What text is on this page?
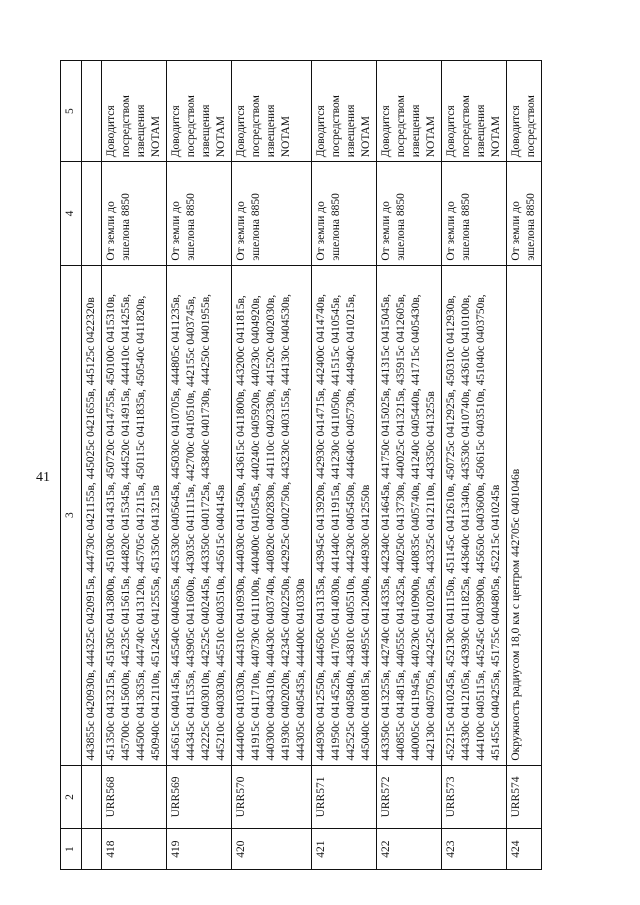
41
1	2	3	4	5
		443855с 0420930в, 444325с 0420915в, 444730с 0421155в, 445025с 0421655в, 445125с 0422320в		
418	URR568	451350с 0413215в, 451305с 0413800в, 451030с 0414315в, 450720с 0414755в, 450100с 0415310в, 445700с 0415600в, 445235с 0415615в, 444820с 0415345в, 444520с 0414915в, 444410с 0414255в, 444500с 0413635в, 444740с 0413120в, 445705с 0412115в, 450115с 0411835в, 450540с 0411820в, 450940с 0412110в, 451245с 0412555в, 451350с 0413215в	От земли до эшелона 8850	Доводится посредством извещения NOTAM
419	URR569	445615с 0404145в, 445540с 0404655в, 445330с 0405645в, 445030с 0410705в, 444805с 0411235в, 444345с 0411535в, 443905с 0411600в, 443035с 0411115в, 442700с 0410510в, 442155с 0403745в, 442225с 0403010в, 442525с 0402445в, 443350с 0401725в, 443840с 0401730в, 444250с 0401955в, 445210с 0403030в, 445510с 0403510в, 445615с 0404145в	От земли до эшелона 8850	Доводится посредством извещения NOTAM
420	URR570	444400с 0410330в, 444310с 0410930в, 444030с 0411450в, 443615с 0411800в, 443200с 0411815в, 441915с 0411710в, 440730с 0411100в, 440400с 0410545в, 440240с 0405920в, 440230с 0404920в, 440300с 0404310в, 440430с 0403740в, 440820с 0402830в, 441110с 0402330в, 441520с 0402030в, 441930с 0402020в, 442345с 0402250в, 442925с 0402750в, 443230с 0403155в, 444130с 0404530в, 444305с 0405435в, 444400с 0410330в	От земли до эшелона 8850	Доводится посредством извещения NOTAM
421	URR571	444930с 0412550в, 444650с 0413135в, 443945с 0413920в, 442930с 0414715в, 442400с 0414740в, 441950с 0414525в, 441705с 0414030в, 441440с 0411915в, 441230с 0411050в, 441515с 0410545в, 442525с 0405840в, 443810с 0405510в, 444230с 0405450в, 444640с 0405730в, 444940с 0410215в, 445040с 0410815в, 444955с 0412040в, 444930с 0412550в	От земли до эшелона 8850	Доводится посредством извещения NOTAM
422	URR572	443350с 0413255в, 442740с 0414335в, 442340с 0414645в, 441750с 0415025в, 441315с 0415045в, 440855с 0414815в, 440555с 0414325в, 440250с 0413730в, 440025с 0413215в, 435915с 0412605в, 440005с 0411945в, 440230с 0410900в, 440835с 0405740в, 441240с 0405440в, 441715с 0405430в, 442130с 0405705в, 442425с 0410205в, 443325с 0412110в, 443350с 0413255в	От земли до эшелона 8850	Доводится посредством извещения NOTAM
423	URR573	452215с 0410245в, 452130с 0411150в, 451145с 0412610в, 450725с 0412925в, 450310с 0412930в, 444330с 0412105в, 443930с 0411825в, 443640с 0411340в, 443530с 0410740в, 443610с 0410100в, 444100с 0405115в, 445245с 0403900в, 445650с 0403600в, 450615с 0403510в, 451040с 0403750в, 451455с 0404255в, 451755с 0404805в, 452215с 0410245в	От земли до эшелона 8850	Доводится посредством извещения NOTAM
424	URR574	Окружность радиусом 18,0 км с центром 442705с 0401046в	От земли до эшелона 8850	Доводится посредством
